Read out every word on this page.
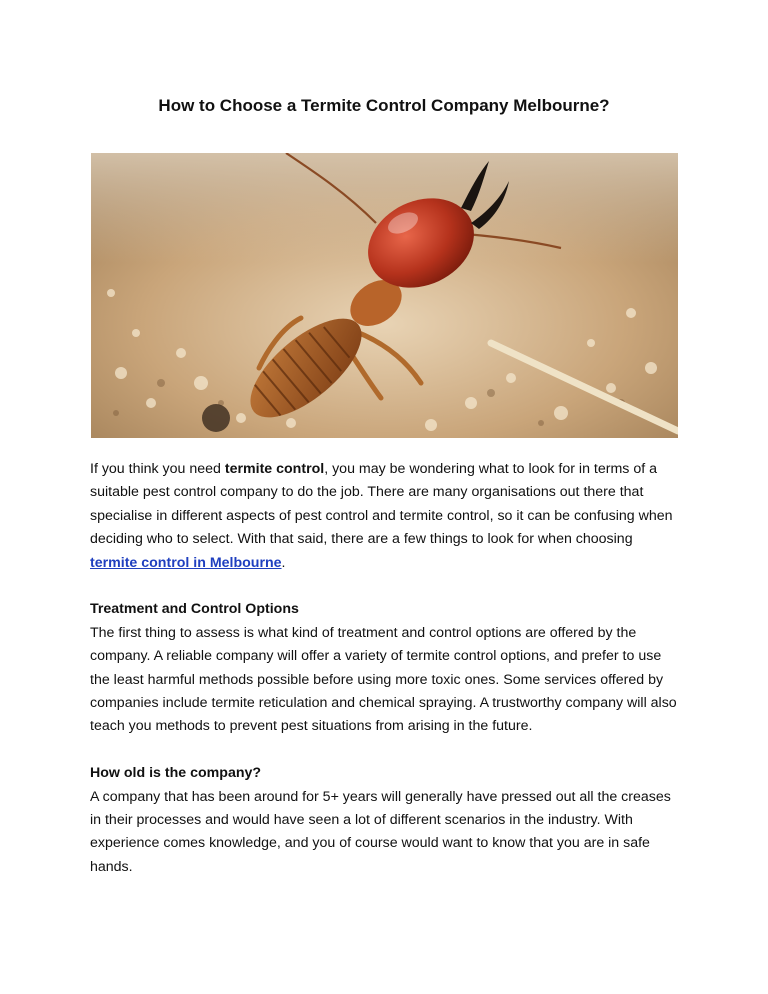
How to Choose a Termite Control Company Melbourne?

If you think you need termite control, you may be wondering what to look for in terms of a suitable pest control company to do the job. There are many organisations out there that specialise in different aspects of pest control and termite control, so it can be confusing when deciding who to select. With that said, there are a few things to look for when choosing termite control in Melbourne.

Treatment and Control Options
The first thing to assess is what kind of treatment and control options are offered by the company. A reliable company will offer a variety of termite control options, and prefer to use the least harmful methods possible before using more toxic ones. Some services offered by companies include termite reticulation and chemical spraying. A trustworthy company will also teach you methods to prevent pest situations from arising in the future.

How old is the company?
A company that has been around for 5+ years will generally have pressed out all the creases in their processes and would have seen a lot of different scenarios in the industry. With experience comes knowledge, and you of course would want to know that you are in safe hands.
